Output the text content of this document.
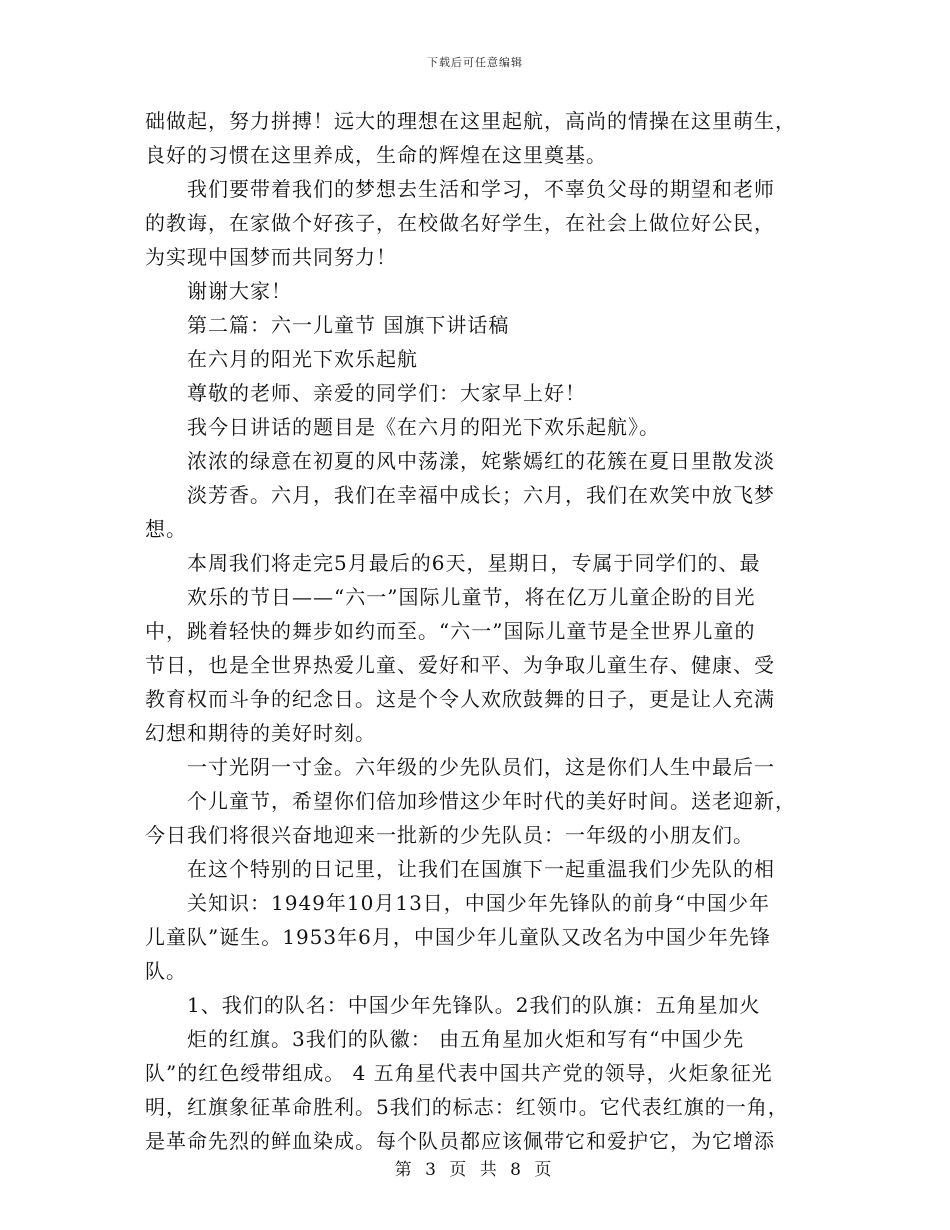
下载后可任意编辑
础做起，努力拼搏！远大的理想在这里起航，高尚的情操在这里萌生，
良好的习惯在这里养成，生命的辉煌在这里奠基。
我们要带着我们的梦想去生活和学习，不辜负父母的期望和老师
的教诲，在家做个好孩子，在校做名好学生，在社会上做位好公民，
为实现中国梦而共同努力！
谢谢大家！
第二篇：六一儿童节 国旗下讲话稿
在六月的阳光下欢乐起航
尊敬的老师、亲爱的同学们：大家早上好！
我今日讲话的题目是《在六月的阳光下欢乐起航》。
浓浓的绿意在初夏的风中荡漾，姹紫嫣红的花簇在夏日里散发淡
淡芳香。六月，我们在幸福中成长；六月，我们在欢笑中放飞梦
想。
本周我们将走完5月最后的6天，星期日，专属于同学们的、最
欢乐的节日——“六一”国际儿童节，将在亿万儿童企盼的目光
中，跳着轻快的舞步如约而至。“六一”国际儿童节是全世界儿童的
节日，也是全世界热爱儿童、爱好和平、为争取儿童生存、健康、受
教育权而斗争的纪念日。这是个令人欢欣鼓舞的日子，更是让人充满
幻想和期待的美好时刻。
一寸光阴一寸金。六年级的少先队员们，这是你们人生中最后一
个儿童节，希望你们倍加珍惜这少年时代的美好时间。送老迎新，
今日我们将很兴奋地迎来一批新的少先队员：一年级的小朋友们。
在这个特别的日记里，让我们在国旗下一起重温我们少先队的相
关知识：1949年10月13日，中国少年先锋队的前身“中国少年
儿童队”诞生。1953年6月，中国少年儿童队又改名为中国少年先锋
队。
1、我们的队名：中国少年先锋队。2我们的队旗：五角星加火
炬的红旗。3我们的队徽： 由五角星加火炬和写有“中国少先
队”的红色绶带组成。 4 五角星代表中国共产党的领导，火炬象征光
明，红旗象征革命胜利。5我们的标志：红领巾。它代表红旗的一角，
是革命先烈的鲜血染成。每个队员都应该佩带它和爱护它，为它增添
第 3 页 共 8 页
